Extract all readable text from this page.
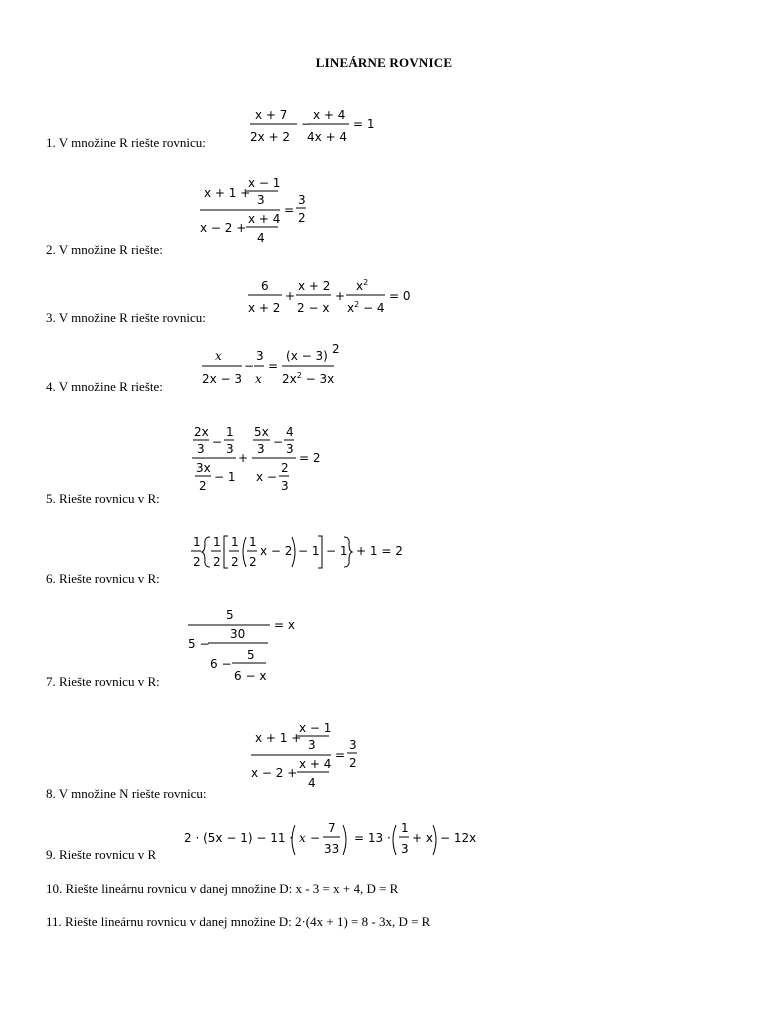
LINEÁRNE ROVNICE
1. V množine R riešte rovnicu:
2. V množine R riešte:
3. V množine R riešte rovnicu:
4. V množine R riešte:
5. Riešte rovnicu v R:
6. Riešte rovnicu v R:
7. Riešte rovnicu v R:
8. V množine N riešte rovnicu:
9. Riešte rovnicu v R
10. Riešte lineárnu rovnicu v danej množine D: x - 3 = x + 4, D = R
11. Riešte lineárnu rovnicu v danej množine D: 2·(4x + 1) = 8 - 3x, D = R
x + 7
2x + 2
−
x + 4
4x + 4
= 1
x + 1 +
x − 1
3
x − 2 +
x + 4
4
=
3
2
6
x + 2
+
x + 2
2 − x
+
$x^2$
$x^2 - 4$
= 0
x
2x − 3
−
3
x
=
(x − 3) 2
$2x^2 - 3x$
2x
3 −
1
3
3x
2
− 1
+
5x
3 −
4
3
x −
2
3
= 2
1
2
1
2
1
2
1
2
x − 2 − 1 − 1 + 1 = 2
5
= x
5 −
30
6 −
5
6 − x
x + 1 +
x − 1
3
x − 2 +
x + 4
4
=
3
2
2 · (5x − 1) − 11 · x −
7
33
= 13 ·
1
3
+ x − 12x
